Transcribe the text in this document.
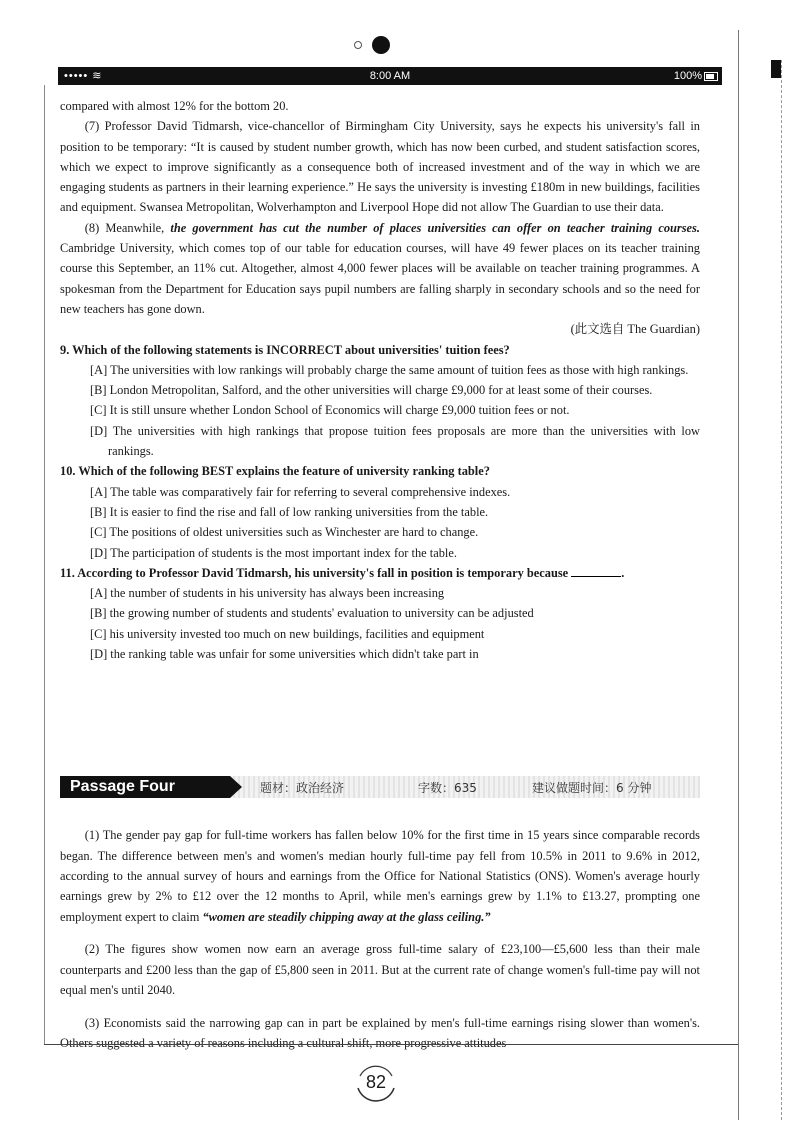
••••• ≋	8:00 AM	100%

compared with almost 12% for the bottom 20.

(7) Professor David Tidmarsh, vice-chancellor of Birmingham City University, says he expects his university's fall in position to be temporary: “It is caused by student number growth, which has now been curbed, and student satisfaction scores, which we expect to improve significantly as a consequence both of increased investment and of the way in which we are engaging students as partners in their learning experience.” He says the university is investing £180m in new buildings, facilities and equipment. Swansea Metropolitan, Wolverhampton and Liverpool Hope did not allow The Guardian to use their data.

(8) Meanwhile, the government has cut the number of places universities can offer on teacher training courses. Cambridge University, which comes top of our table for education courses, will have 49 fewer places on its teacher training course this September, an 11% cut. Altogether, almost 4,000 fewer places will be available on teacher training programmes. A spokesman from the Department for Education says pupil numbers are falling sharply in secondary schools and so the need for new teachers has gone down.

(此文选自 The Guardian)

9. Which of the following statements is INCORRECT about universities' tuition fees?

[A] The universities with low rankings will probably charge the same amount of tuition fees as those with high rankings.

[B] London Metropolitan, Salford, and the other universities will charge £9,000 for at least some of their courses.

[C] It is still unsure whether London School of Economics will charge £9,000 tuition fees or not.

[D] The universities with high rankings that propose tuition fees proposals are more than the universities with low rankings.

10. Which of the following BEST explains the feature of university ranking table?

[A] The table was comparatively fair for referring to several comprehensive indexes.

[B] It is easier to find the rise and fall of low ranking universities from the table.

[C] The positions of oldest universities such as Winchester are hard to change.

[D] The participation of students is the most important index for the table.

11. According to Professor David Tidmarsh, his university's fall in position is temporary because	.

[A] the number of students in his university has always been increasing

[B] the growing number of students and students' evaluation to university can be adjusted

[C] his university invested too much on new buildings, facilities and equipment

[D] the ranking table was unfair for some universities which didn't take part in

Passage Four	题材：政治经济	字数：635	建议做题时间：6 分钟

(1) The gender pay gap for full-time workers has fallen below 10% for the first time in 15 years since comparable records began. The difference between men's and women's median hourly full-time pay fell from 10.5% in 2011 to 9.6% in 2012, according to the annual survey of hours and earnings from the Office for National Statistics (ONS). Women's average hourly earnings grew by 2% to £12 over the 12 months to April, while men's earnings grew by 1.1% to £13.27, prompting one employment expert to claim “women are steadily chipping away at the glass ceiling.”

(2) The figures show women now earn an average gross full-time salary of £23,100—£5,600 less than their male counterparts and £200 less than the gap of £5,800 seen in 2011. But at the current rate of change women's full-time pay will not equal men's until 2040.

(3) Economists said the narrowing gap can in part be explained by men's full-time earnings rising slower than women's. Others suggested a variety of reasons including a cultural shift, more progressive attitudes

82
